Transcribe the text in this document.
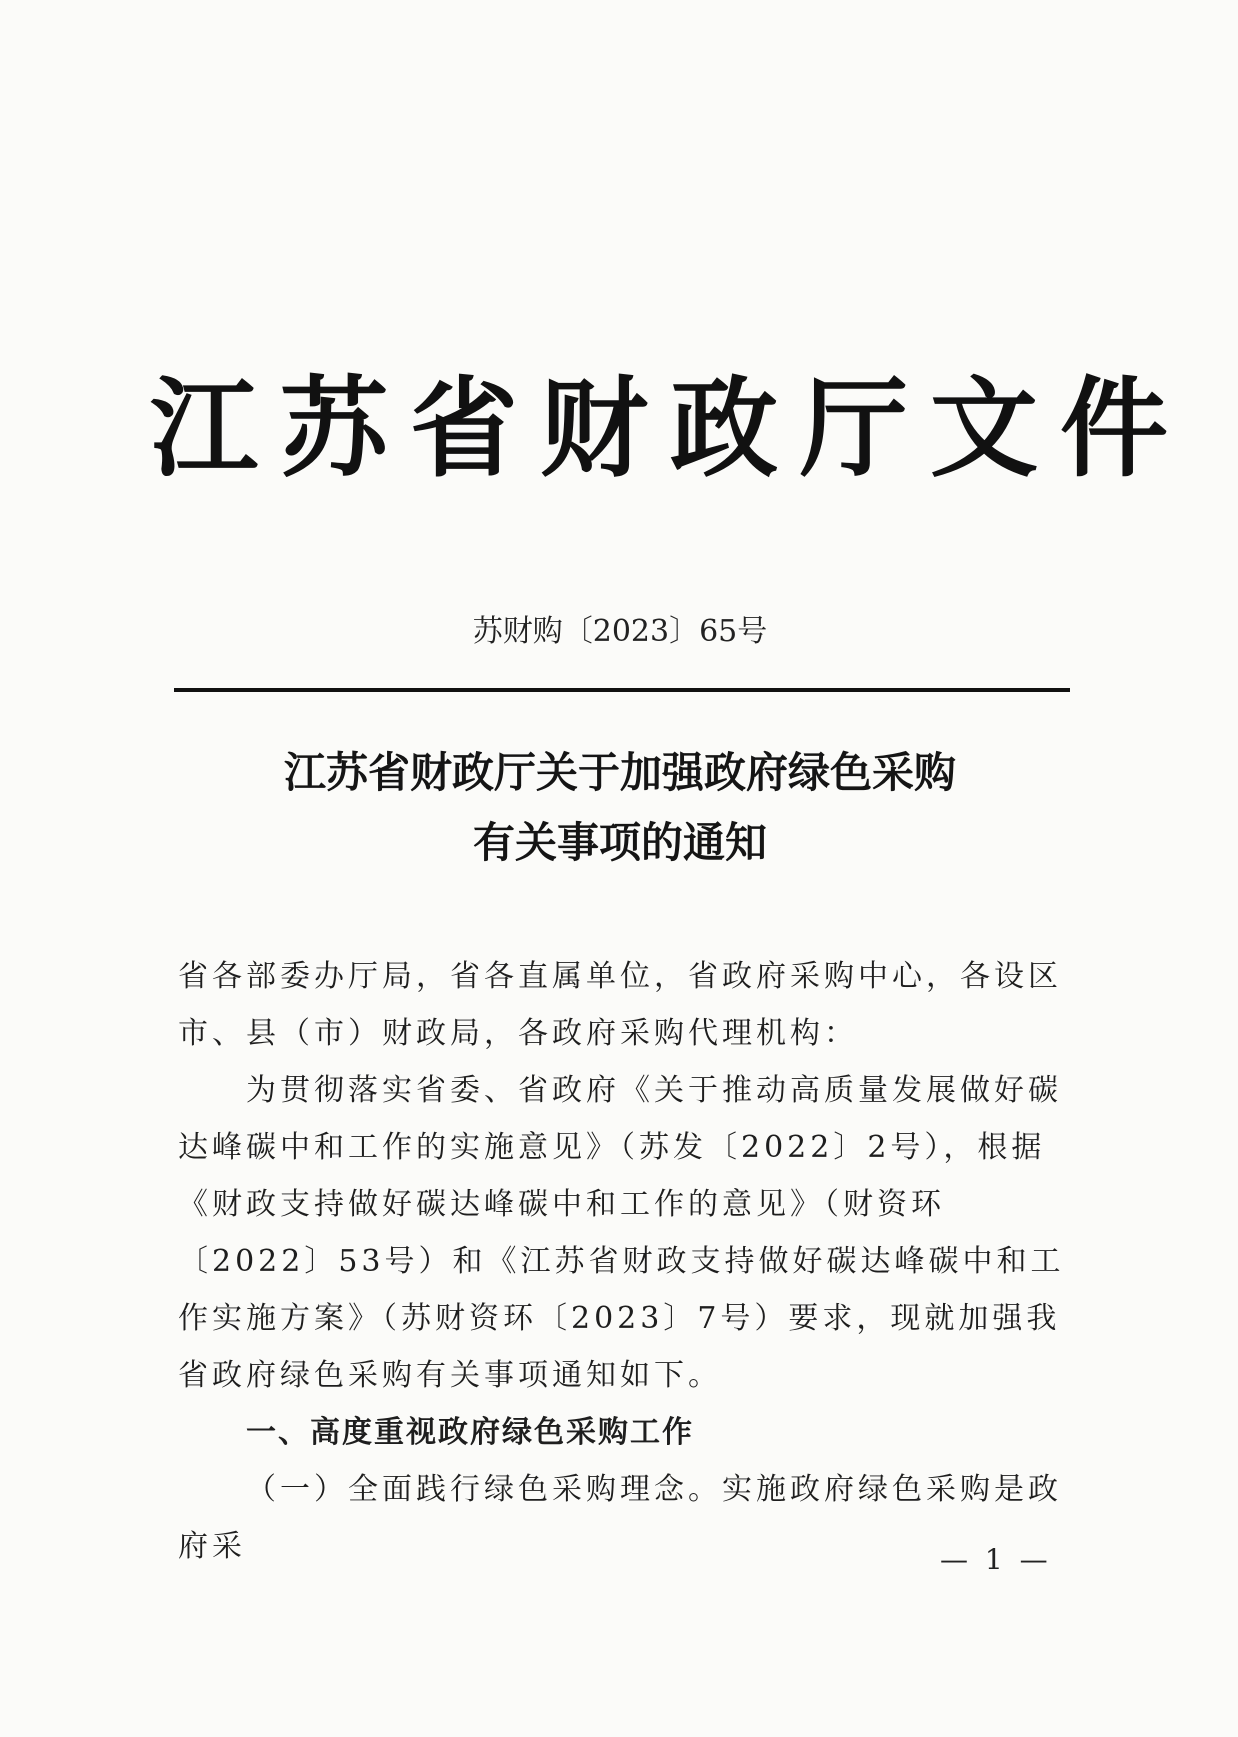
江苏省财政厅文件
苏财购〔2023〕65号
江苏省财政厅关于加强政府绿色采购
有关事项的通知

省各部委办厅局，省各直属单位，省政府采购中心，各设区市、县（市）财政局，各政府采购代理机构：

为贯彻落实省委、省政府《关于推动高质量发展做好碳达峰碳中和工作的实施意见》（苏发〔2022〕2号），根据《财政支持做好碳达峰碳中和工作的意见》（财资环〔2022〕53号）和《江苏省财政支持做好碳达峰碳中和工作实施方案》（苏财资环〔2023〕7号）要求，现就加强我省政府绿色采购有关事项通知如下。

一、高度重视政府绿色采购工作

（一）全面践行绿色采购理念。实施政府绿色采购是政府采	— 1 —
